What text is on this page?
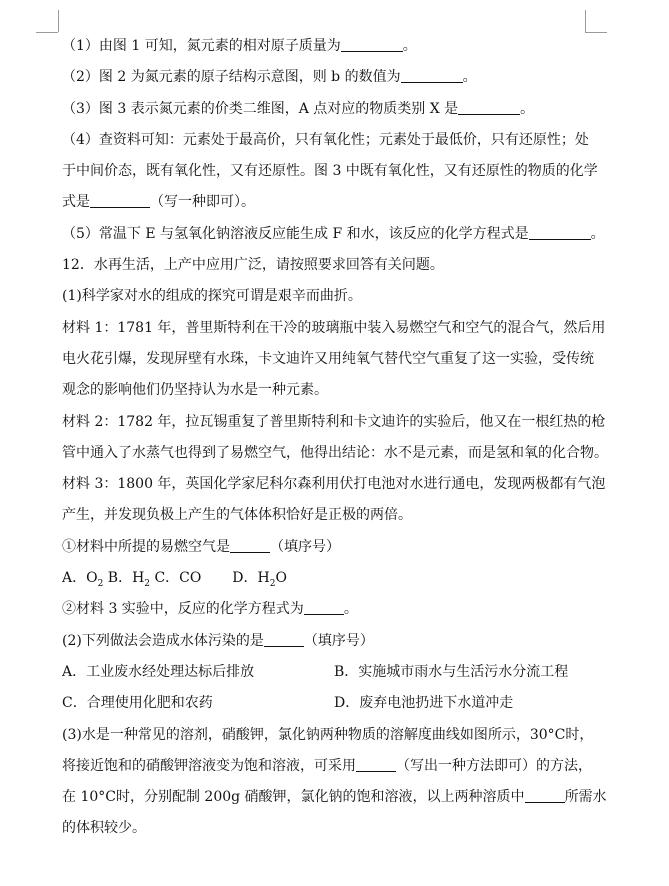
（1）由图 1 可知，氮元素的相对原子质量为	。
（2）图 2 为氮元素的原子结构示意图，则 b 的数值为	。
（3）图 3 表示氮元素的价类二维图，A 点对应的物质类别 X 是	。
（4）查资料可知：元素处于最高价，只有氧化性；元素处于最低价，只有还原性；处
于中间价态，既有氧化性，又有还原性。图 3 中既有氧化性，又有还原性的物质的化学
式是	（写一种即可）。
（5）常温下 E 与氢氧化钠溶液反应能生成 F 和水，该反应的化学方程式是	。
12．水再生活，上产中应用广泛，请按照要求回答有关问题。
(1)科学家对水的组成的探究可谓是艰辛而曲折。
材料 1：1781 年，普里斯特利在干冷的玻璃瓶中装入易燃空气和空气的混合气，然后用
电火花引爆，发现屏壁有水珠，卡文迪许又用纯氧气替代空气重复了这一实验，受传统
观念的影响他们仍坚持认为水是一种元素。
材料 2：1782 年，拉瓦锡重复了普里斯特利和卡文迪许的实验后，他又在一根红热的枪
管中通入了水蒸气也得到了易燃空气，他得出结论：水不是元素，而是氢和氧的化合物。
材料 3：1800 年，英国化学家尼科尔森利用伏打电池对水进行通电，发现两极都有气泡
产生，并发现负极上产生的气体体积恰好是正极的两倍。
①材料中所提的易燃空气是	（填序号）
A．$O_2$ B．$H_2$ C．CO D．$H_2O$
②材料 3 实验中，反应的化学方程式为	。
(2)下列做法会造成水体污染的是	（填序号）
A．工业废水经处理达标后排放	B．实施城市雨水与生活污水分流工程
C．合理使用化肥和农药	D．废弃电池扔进下水道冲走
(3)水是一种常见的溶剂，硝酸钾，氯化钠两种物质的溶解度曲线如图所示，30°C时，
将接近饱和的硝酸钾溶液变为饱和溶液，可采用	（写出一种方法即可）的方法，
在 10°C时，分别配制 200g 硝酸钾，氯化钠的饱和溶液，以上两种溶质中	所需水
的体积较少。
